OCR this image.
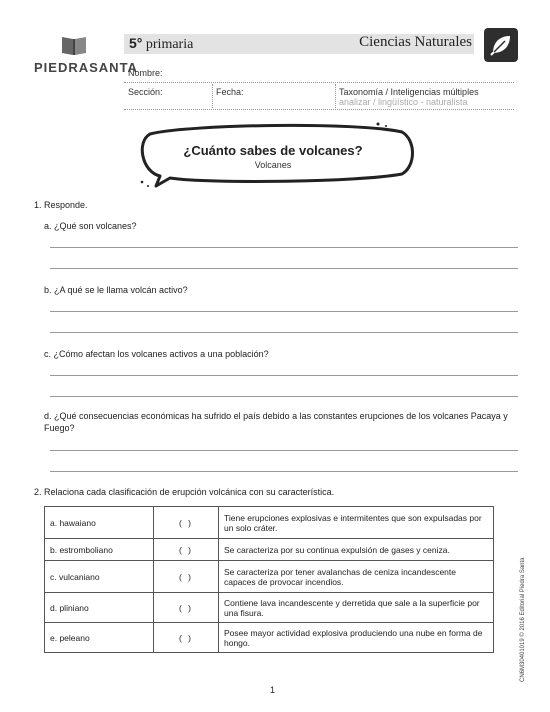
PIEDRASANTA
5° primaria	Ciencias Naturales
Nombre:
Sección:	Fecha:	Taxonomía / Inteligencias múltiples
analizar / lingüístico - naturalista
¿Cuánto sabes de volcanes?
Volcanes
1. Responde.
a. ¿Qué son volcanes?
b. ¿A qué se le llama volcán activo?
c. ¿Cómo afectan los volcanes activos a una población?
d. ¿Qué consecuencias económicas ha sufrido el país debido a las constantes erupciones de los volcanes Pacaya y Fuego?
2. Relaciona cada clasificación de erupción volcánica con su característica.
a. hawaiano	( )	Tiene erupciones explosivas e intermitentes que son expulsadas por un solo cráter.
b. estromboliano	( )	Se caracteriza por su continua expulsión de gases y ceniza.
c. vulcaniano	( )	Se caracteriza por tener avalanchas de ceniza incandescente capaces de provocar incendios.
d. pliniano	( )	Contiene lava incandescente y derretida que sale a la superficie por una fisura.
e. peleano	( )	Posee mayor actividad explosiva produciendo una nube en forma de hongo.	CN6M30401019 © 2016 Editorial Piedra Santa
1
